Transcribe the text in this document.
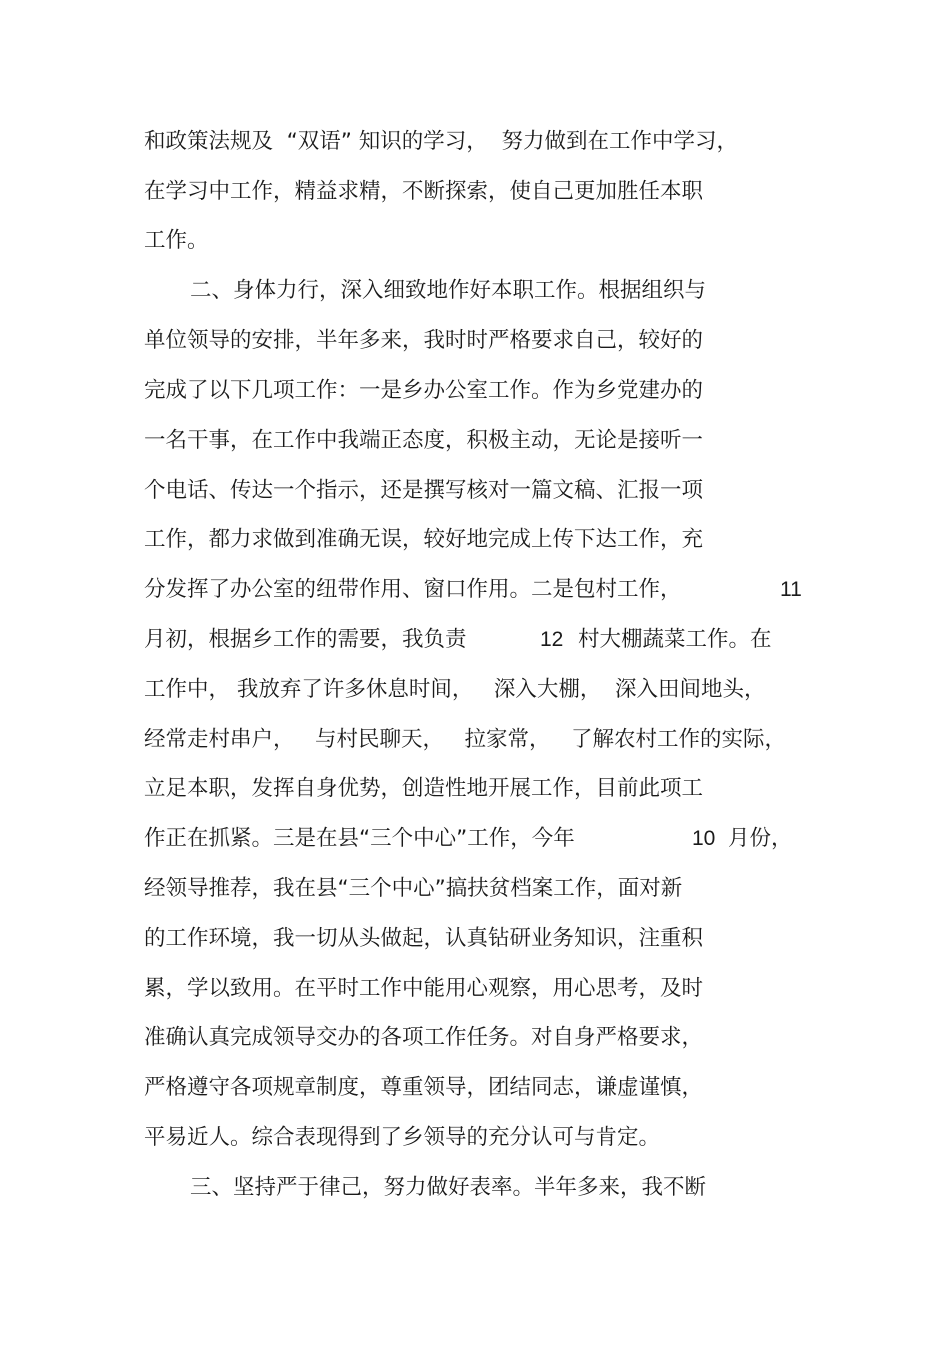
和政策法规及  “双语” 知识的学习，  努力做到在工作中学习，
在学习中工作，精益求精，不断探索，使自己更加胜任本职
工作。
二、身体力行，深入细致地作好本职工作。根据组织与
单位领导的安排，半年多来，我时时严格要求自己，较好的
完成了以下几项工作：一是乡办公室工作。作为乡党建办的
一名干事，在工作中我端正态度，积极主动，无论是接听一
个电话、传达一个指示，还是撰写核对一篇文稿、汇报一项
工作，都力求做到准确无误，较好地完成上传下达工作，充
分发挥了办公室的纽带作用、窗口作用。二是包村工作，	11
月初，根据乡工作的需要，我负责	12 村大棚蔬菜工作。在
工作中， 我放弃了许多休息时间，   深入大棚，  深入田间地头，
经常走村串户，   与村民聊天，   拉家常，   了解农村工作的实际，
立足本职，发挥自身优势，创造性地开展工作，目前此项工
作正在抓紧。三是在县“三个中心”工作，今年	10 月份，
经领导推荐，我在县“三个中心”搞扶贫档案工作，面对新
的工作环境，我一切从头做起，认真钻研业务知识，注重积
累，学以致用。在平时工作中能用心观察，用心思考，及时
准确认真完成领导交办的各项工作任务。对自身严格要求，
严格遵守各项规章制度，尊重领导，团结同志，谦虚谨慎，
平易近人。综合表现得到了乡领导的充分认可与肯定。
三、坚持严于律己，努力做好表率。半年多来，我不断
